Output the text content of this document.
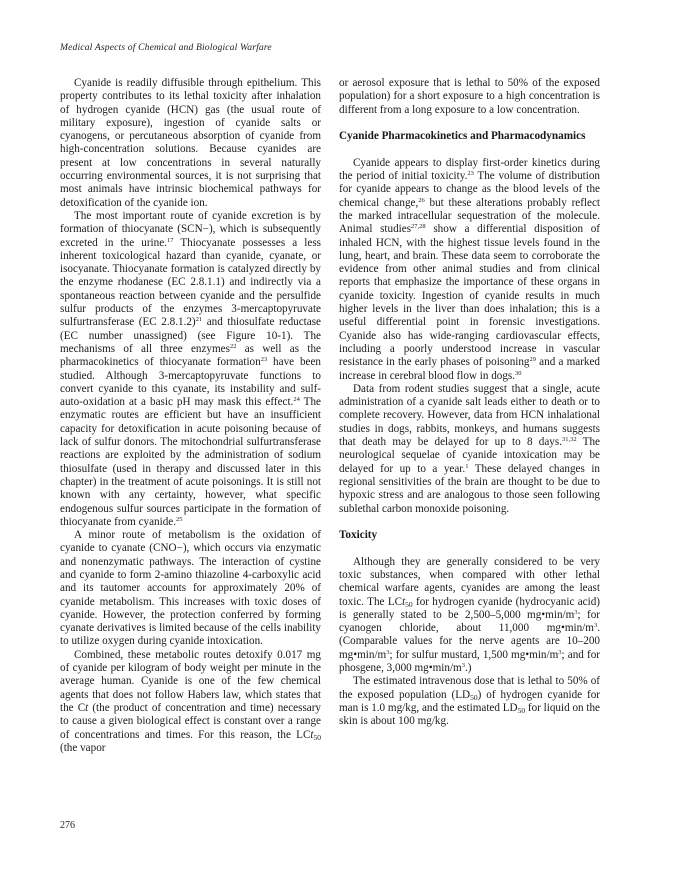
Medical Aspects of Chemical and Biological Warfare

Cyanide is readily diffusible through epithelium. This property contributes to its lethal toxicity after inhalation of hydrogen cyanide (HCN) gas (the usual route of military exposure), ingestion of cyanide salts or cyanogens, or percutaneous absorption of cyanide from high-concentration solutions. Because cyanides are present at low concentrations in several naturally occurring environmental sources, it is not surprising that most animals have intrinsic biochemical pathways for detoxification of the cyanide ion.

The most important route of cyanide excretion is by formation of thiocyanate (SCN−), which is subsequently excreted in the urine.$^{17}$ Thiocyanate possesses a less inherent toxicological hazard than cyanide, cyanate, or isocyanate. Thiocyanate formation is catalyzed directly by the enzyme rhodanese (EC 2.8.1.1) and indirectly via a spontaneous reaction between cyanide and the persulfide sulfur products of the enzymes 3-mercaptopyruvate sulfurtransferase (EC 2.8.1.2)$^{21}$ and thiosulfate reductase (EC number unassigned) (see Figure 10-1). The mechanisms of all three enzymes$^{22}$ as well as the pharmacokinetics of thiocyanate formation$^{23}$ have been studied. Although 3-mercaptopyruvate functions to convert cyanide to this cyanate, its instability and sulf-auto-oxidation at a basic pH may mask this effect.$^{24}$ The enzymatic routes are efficient but have an insufficient capacity for detoxification in acute poisoning because of lack of sulfur donors. The mitochondrial sulfurtransferase reactions are exploited by the administration of sodium thiosulfate (used in therapy and discussed later in this chapter) in the treatment of acute poisonings. It is still not known with any certainty, however, what specific endogenous sulfur sources participate in the formation of thiocyanate from cyanide.$^{25}$

A minor route of metabolism is the oxidation of cyanide to cyanate (CNO−), which occurs via enzymatic and nonenzymatic pathways. The interaction of cystine and cyanide to form 2-amino thiazoline 4-carboxylic acid and its tautomer accounts for approximately 20% of cyanide metabolism. This increases with toxic doses of cyanide. However, the protection conferred by forming cyanate derivatives is limited because of the cells inability to utilize oxygen during cyanide intoxication.

Combined, these metabolic routes detoxify 0.017 mg of cyanide per kilogram of body weight per minute in the average human. Cyanide is one of the few chemical agents that does not follow Habers law, which states that the Ct (the product of concentration and time) necessary to cause a given biological effect is constant over a range of concentrations and times. For this reason, the LCt$_{50}$ (the vapor

or aerosol exposure that is lethal to 50% of the exposed population) for a short exposure to a high concentration is different from a long exposure to a low concentration.

Cyanide Pharmacokinetics and Pharmacodynamics

Cyanide appears to display first-order kinetics during the period of initial toxicity.$^{23}$ The volume of distribution for cyanide appears to change as the blood levels of the chemical change,$^{26}$ but these alterations probably reflect the marked intracellular sequestration of the molecule. Animal studies$^{27,28}$ show a differential disposition of inhaled HCN, with the highest tissue levels found in the lung, heart, and brain. These data seem to corroborate the evidence from other animal studies and from clinical reports that emphasize the importance of these organs in cyanide toxicity. Ingestion of cyanide results in much higher levels in the liver than does inhalation; this is a useful differential point in forensic investigations. Cyanide also has wide-ranging cardiovascular effects, including a poorly understood increase in vascular resistance in the early phases of poisoning$^{29}$ and a marked increase in cerebral blood flow in dogs.$^{30}$

Data from rodent studies suggest that a single, acute administration of a cyanide salt leads either to death or to complete recovery. However, data from HCN inhalational studies in dogs, rabbits, monkeys, and humans suggests that death may be delayed for up to 8 days.$^{31,32}$ The neurological sequelae of cyanide intoxication may be delayed for up to a year.$^1$ These delayed changes in regional sensitivities of the brain are thought to be due to hypoxic stress and are analogous to those seen following sublethal carbon monoxide poisoning.

Toxicity

Although they are generally considered to be very toxic substances, when compared with other lethal chemical warfare agents, cyanides are among the least toxic. The LCt$_{50}$ for hydrogen cyanide (hydrocyanic acid) is generally stated to be 2,500–5,000 $mg•\min/m^3$; for cyanogen chloride, about 11,000 $mg•\min/m^3$. (Comparable values for the nerve agents are 10–200 $mg•\min/m^3$; for sulfur mustard, 1,500 $mg•\min/m^3$; and for phosgene, 3,000 $mg•\min/m^3$.)

The estimated intravenous dose that is lethal to 50% of the exposed population $(LD_{50})$ of hydrogen cyanide for man is 1.0 mg/kg, and the estimated $LD_{50}$ for liquid on the skin is about 100 mg/kg.

276
